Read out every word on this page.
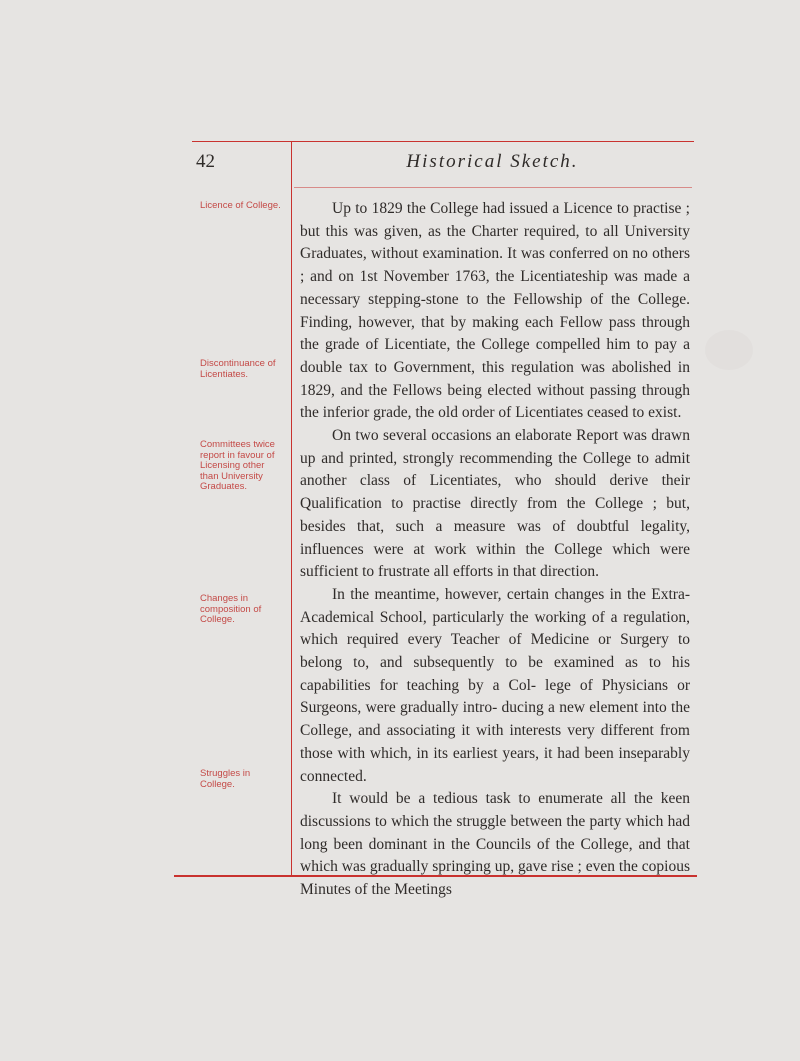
42	Historical Sketch.
Licence of College.
Discontinuance of Licentiates.
Committees twice report in favour of Licensing other than University Graduates.
Changes in composition of College.
Struggles in College.

Up to 1829 the College had issued a Licence to practise ; but this was given, as the Charter required, to all University Graduates, without examination. It was conferred on no others ; and on 1st November 1763, the Licentiateship was made a necessary stepping-stone to the Fellowship of the College. Finding, however, that by making each Fellow pass through the grade of Licentiate, the College compelled him to pay a double tax to Government, this regulation was abolished in 1829, and the Fellows being elected without passing through the inferior grade, the old order of Licentiates ceased to exist.

On two several occasions an elaborate Report was drawn up and printed, strongly recommending the College to admit another class of Licentiates, who should derive their Qualification to practise directly from the College ; but, besides that, such a measure was of doubtful legality, influences were at work within the College which were sufficient to frustrate all efforts in that direction.

In the meantime, however, certain changes in the Extra-Academical School, particularly the working of a regulation, which required every Teacher of Medicine or Surgery to belong to, and subsequently to be examined as to his capabilities for teaching by a Col- lege of Physicians or Surgeons, were gradually intro- ducing a new element into the College, and associating it with interests very different from those with which, in its earliest years, it had been inseparably connected.

It would be a tedious task to enumerate all the keen discussions to which the struggle between the party which had long been dominant in the Councils of the College, and that which was gradually springing up, gave rise ; even the copious Minutes of the Meetings
